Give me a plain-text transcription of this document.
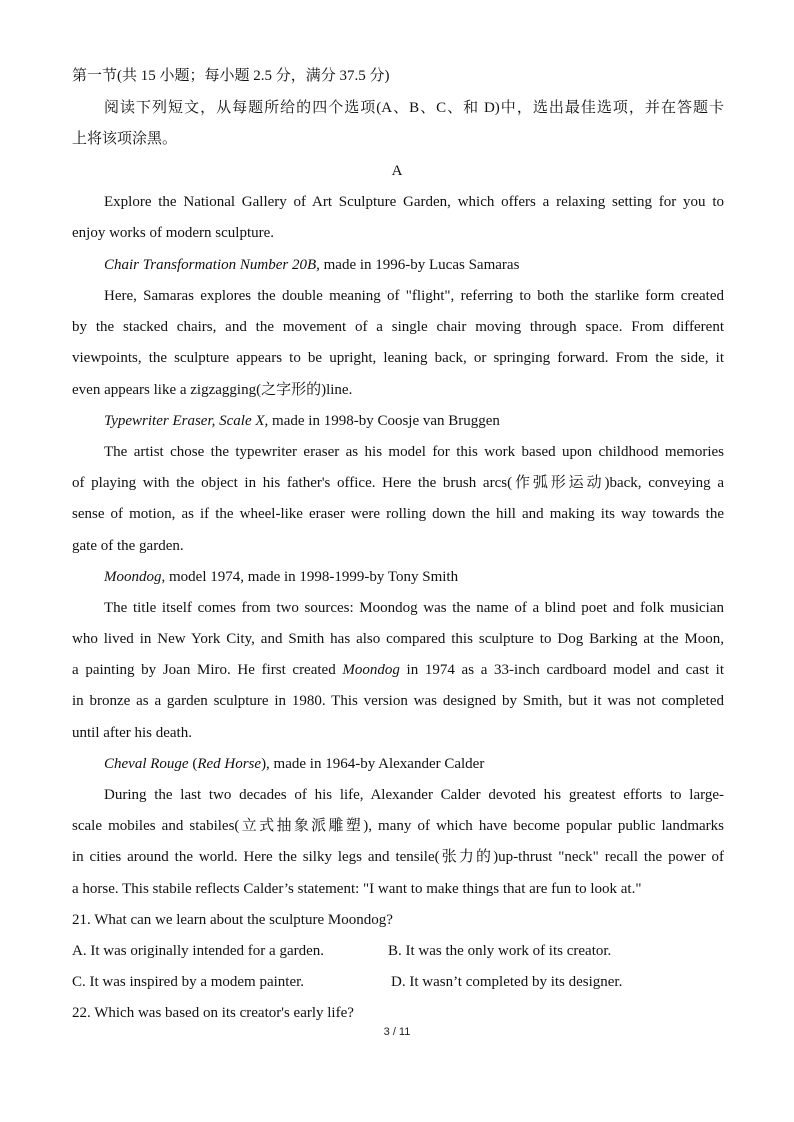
第一节(共 15 小题；每小题 2.5 分，满分 37.5 分)
阅读下列短文，从每题所给的四个选项(A、B、C、和 D)中，选出最佳选项，并在答题卡
上将该项涂黑。
A
Explore the National Gallery of Art Sculpture Garden, which offers a relaxing setting for you to
enjoy works of modern sculpture.
Chair Transformation Number 20B, made in 1996-by Lucas Samaras
Here, Samaras explores the double meaning of "flight", referring to both the starlike form created
by the stacked chairs, and the movement of a single chair moving through space. From different
viewpoints, the sculpture appears to be upright, leaning back, or springing forward. From the side, it
even appears like a zigzagging(之字形的)line.
Typewriter Eraser, Scale X, made in 1998-by Coosje van Bruggen
The artist chose the typewriter eraser as his model for this work based upon childhood memories
of playing with the object in his father's office. Here the brush arcs(作弧形运动)back, conveying a
sense of motion, as if the wheel-like eraser were rolling down the hill and making its way towards the
gate of the garden.
Moondog, model 1974, made in 1998-1999-by Tony Smith
The title itself comes from two sources: Moondog was the name of a blind poet and folk musician
who lived in New York City, and Smith has also compared this sculpture to Dog Barking at the Moon,
a painting by Joan Miro. He first created Moondog in 1974 as a 33-inch cardboard model and cast it
in bronze as a garden sculpture in 1980. This version was designed by Smith, but it was not completed
until after his death.
Cheval Rouge (Red Horse), made in 1964-by Alexander Calder
During the last two decades of his life, Alexander Calder devoted his greatest efforts to large-
scale mobiles and stabiles(立式抽象派雕塑), many of which have become popular public landmarks
in cities around the world. Here the silky legs and tensile(张力的)up-thrust "neck" recall the power of
a horse. This stabile reflects Calder’s statement: "I want to make things that are fun to look at."
21. What can we learn about the sculpture Moondog?
A. It was originally intended for a garden.	B. It was the only work of its creator.
C. It was inspired by a modem painter.	D. It wasn’t completed by its designer.
22. Which was based on its creator's early life?
3 / 11
